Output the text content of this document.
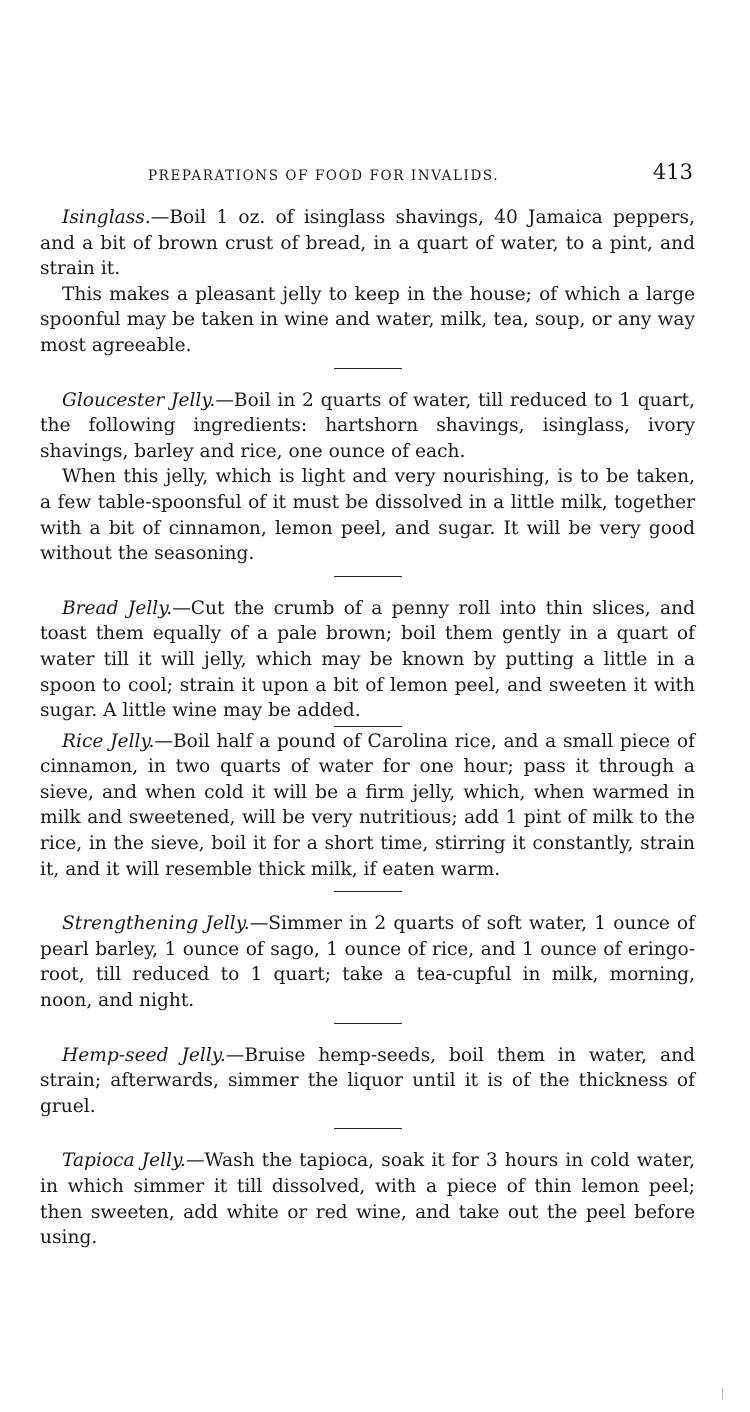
PREPARATIONS OF FOOD FOR INVALIDS.	413

Isinglass.—Boil 1 oz. of isinglass shavings, 40 Jamaica peppers, and a bit of brown crust of bread, in a quart of water, to a pint, and strain it.

This makes a pleasant jelly to keep in the house; of which a large spoonful may be taken in wine and water, milk, tea, soup, or any way most agreeable.

Gloucester Jelly.—Boil in 2 quarts of water, till reduced to 1 quart, the following ingredients: hartshorn shavings, isinglass, ivory shavings, barley and rice, one ounce of each.

When this jelly, which is light and very nourishing, is to be taken, a few table-spoonsful of it must be dissolved in a little milk, together with a bit of cinnamon, lemon peel, and sugar. It will be very good without the seasoning.

Bread Jelly.—Cut the crumb of a penny roll into thin slices, and toast them equally of a pale brown; boil them gently in a quart of water till it will jelly, which may be known by putting a little in a spoon to cool; strain it upon a bit of lemon peel, and sweeten it with sugar. A little wine may be added.

Rice Jelly.—Boil half a pound of Carolina rice, and a small piece of cinnamon, in two quarts of water for one hour; pass it through a sieve, and when cold it will be a firm jelly, which, when warmed in milk and sweetened, will be very nutritious; add 1 pint of milk to the rice, in the sieve, boil it for a short time, stirring it constantly, strain it, and it will resemble thick milk, if eaten warm.

Strengthening Jelly.—Simmer in 2 quarts of soft water, 1 ounce of pearl barley, 1 ounce of sago, 1 ounce of rice, and 1 ounce of eringo-root, till reduced to 1 quart; take a tea-cupful in milk, morning, noon, and night.

Hemp-seed Jelly.—Bruise hemp-seeds, boil them in water, and strain; afterwards, simmer the liquor until it is of the thickness of gruel.

Tapioca Jelly.—Wash the tapioca, soak it for 3 hours in cold water, in which simmer it till dissolved, with a piece of thin lemon peel; then sweeten, add white or red wine, and take out the peel before using.
